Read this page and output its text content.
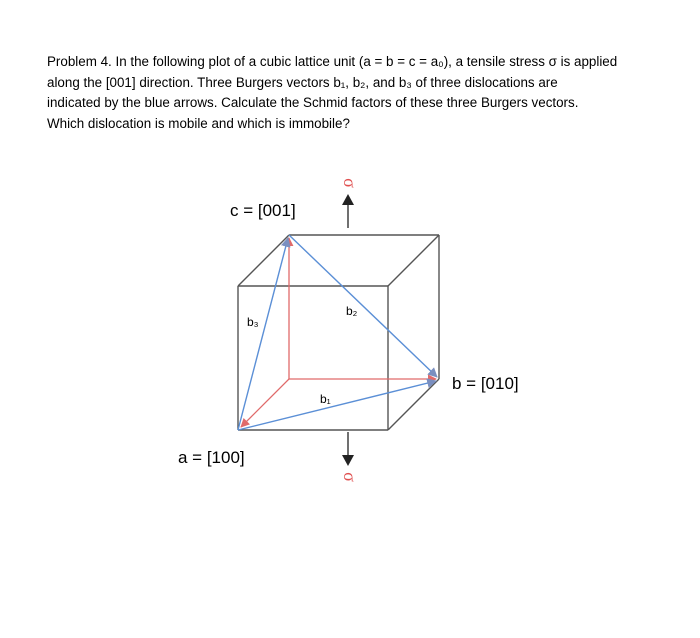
Problem 4. In the following plot of a cubic lattice unit (a = b = c = a₀), a tensile stress σ is applied

along the [001] direction. Three Burgers vectors b₁, b₂, and b₃ of three dislocations are

indicated by the blue arrows. Calculate the Schmid factors of these three Burgers vectors.

Which dislocation is mobile and which is immobile?

σ
σ
c = [001]
b = [010]
a = [100]
b₂
b₃
b₁
